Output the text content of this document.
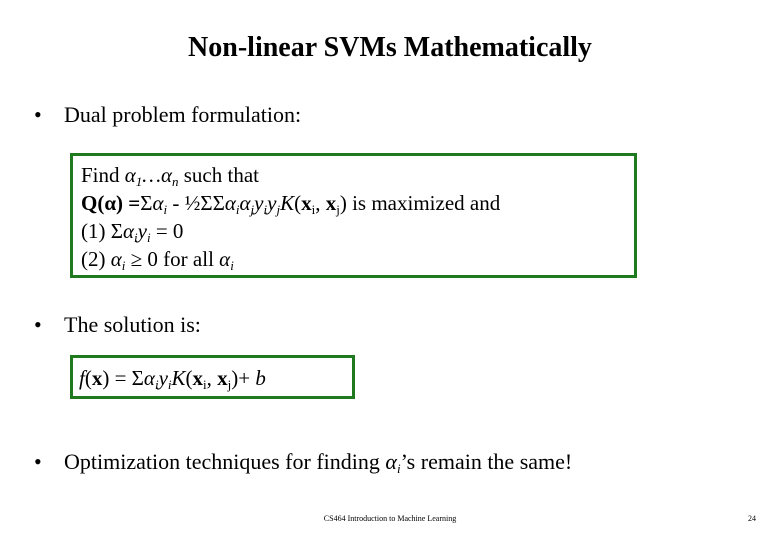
Non-linear SVMs Mathematically
• Dual problem formulation:
Find $\alpha_1\dots\alpha_n$ such that
$Q(\alpha) =\Sigma\alpha_i$ - $\frac{1}{2}\Sigma\Sigma\alpha_i\alpha_jy_iy_jK(x_i$, $x_j$) is maximized and
(1) $\Sigma\alpha_iy_i = 0$
(2) $\alpha_i \ge 0$ for all $\alpha_i$
• The solution is:
$f(x) = \Sigma\alpha_iy_iK(x_i$, $x_j)+ b$
• Optimization techniques for finding $\alpha_i’s$ remain the same!
CS464 Introduction to Machine Learning	24
